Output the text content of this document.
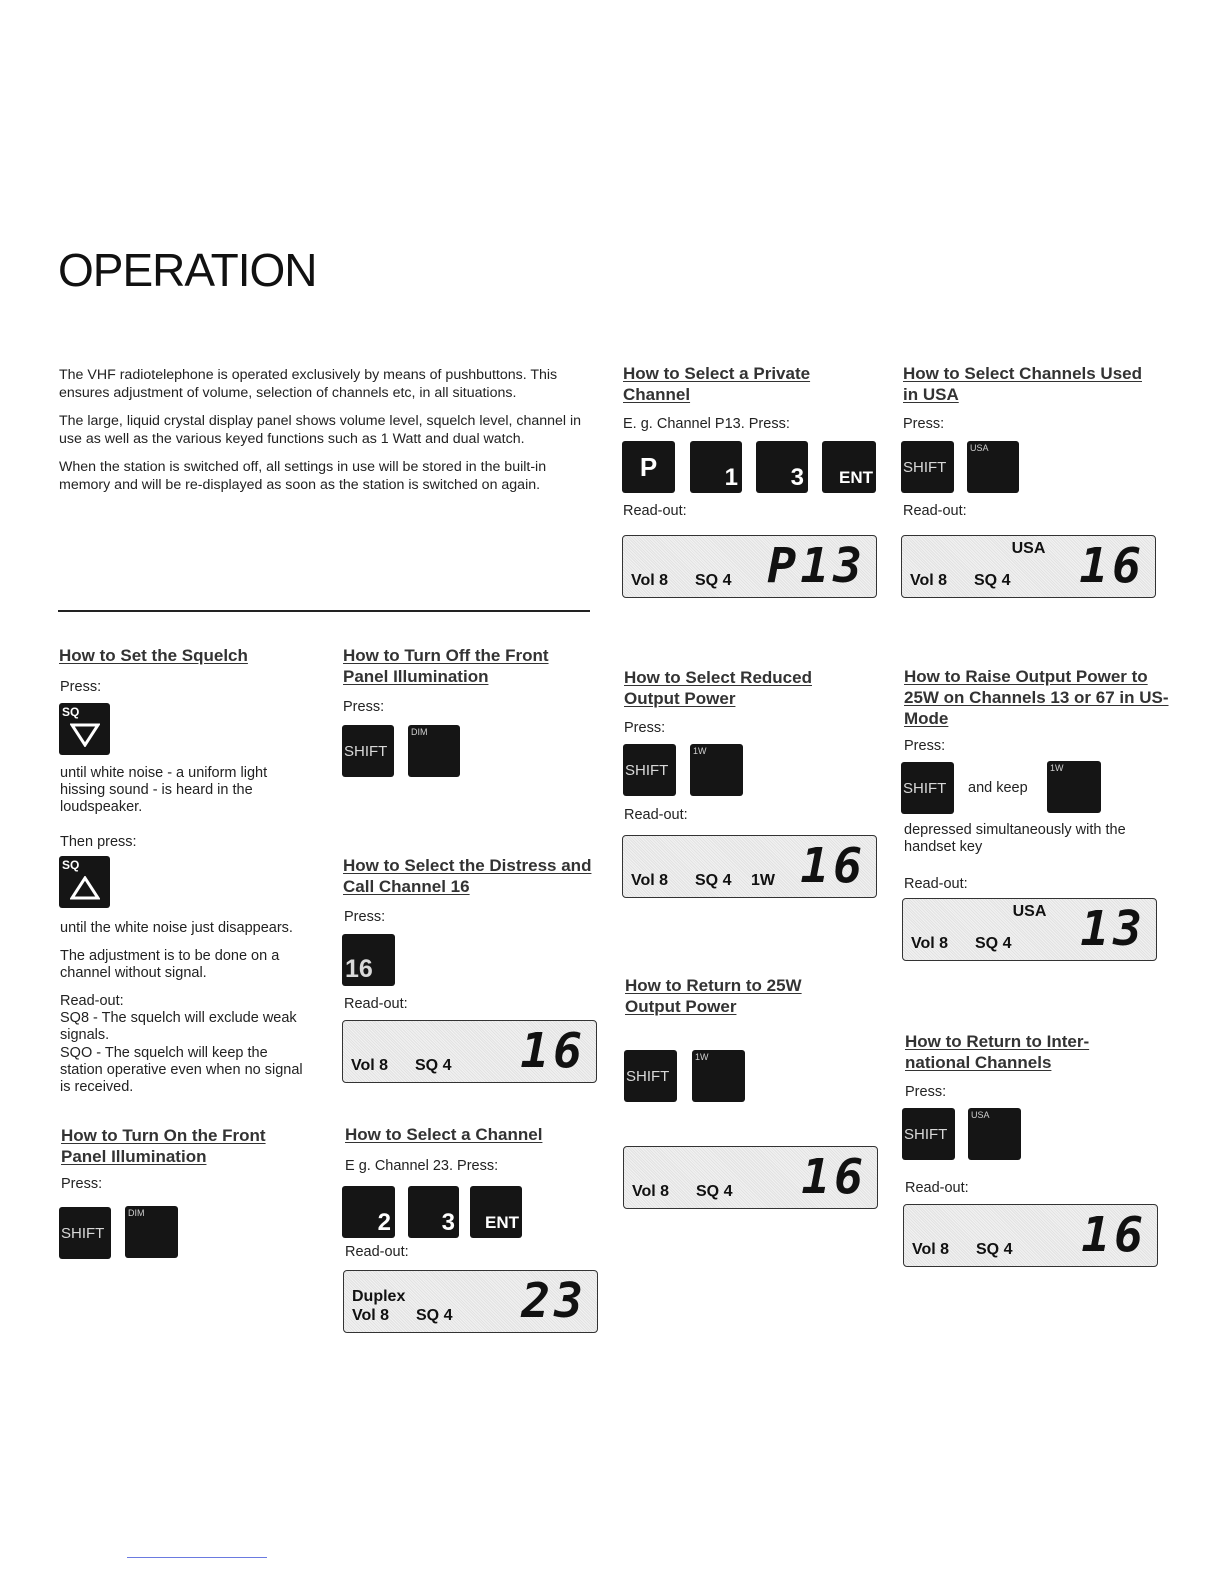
OPERATION

The VHF radiotelephone is operated exclusively by means of pushbuttons. This ensures adjustment of volume, selection of channels etc, in all situations.

The large, liquid crystal display panel shows volume level, squelch level, channel in use as well as the various keyed functions such as 1 Watt and dual watch.

When the station is switched off, all settings in use will be stored in the built-in memory and will be re-displayed as soon as the station is switched on again.

How to Set the Squelch
Press:
SQ
until white noise - a uniform light hissing sound - is heard in the loudspeaker.
Then press:
SQ
until the white noise just disappears.
The adjustment is to be done on a channel without signal.
Read-out:
SQ8 - The squelch will exclude weak signals.
SQO - The squelch will keep the station operative even when no signal is received.
How to Turn On the Front Panel Illumination
Press:
SHIFT
DIM
How to Turn Off the Front Panel Illumination
Press:
SHIFT
DIM
How to Select the Distress and Call Channel 16
Press:
16
Read-out:
Vol 8 SQ 4 16
How to Select a Channel
E g. Channel 23. Press:
2 3 ENT
Read-out:
Duplex
Vol 8 SQ 4 23
How to Select a Private Channel
E. g. Channel P13. Press:
P	1 3 ENT
Read-out:
Vol 8 SQ 4 P13
How to Select Reduced Output Power
Press:
SHIFT
1W
Read-out:
Vol 8 SQ 4 1W 16
How to Return to 25W Output Power
SHIFT
1W
Vol 8 SQ 4 16
How to Select Channels Used in USA
Press:
SHIFT
USA
Read-out:
USA
Vol 8 SQ 4 16
How to Raise Output Power to 25W on Channels 13 or 67 in US-Mode
Press:
SHIFT and keep
1W
depressed simultaneously with the handset key
Read-out:
USA
Vol 8 SQ 4 13
How to Return to Inter- national Channels
Press:
SHIFT
USA
Read-out:
Vol 8 SQ 4 16
